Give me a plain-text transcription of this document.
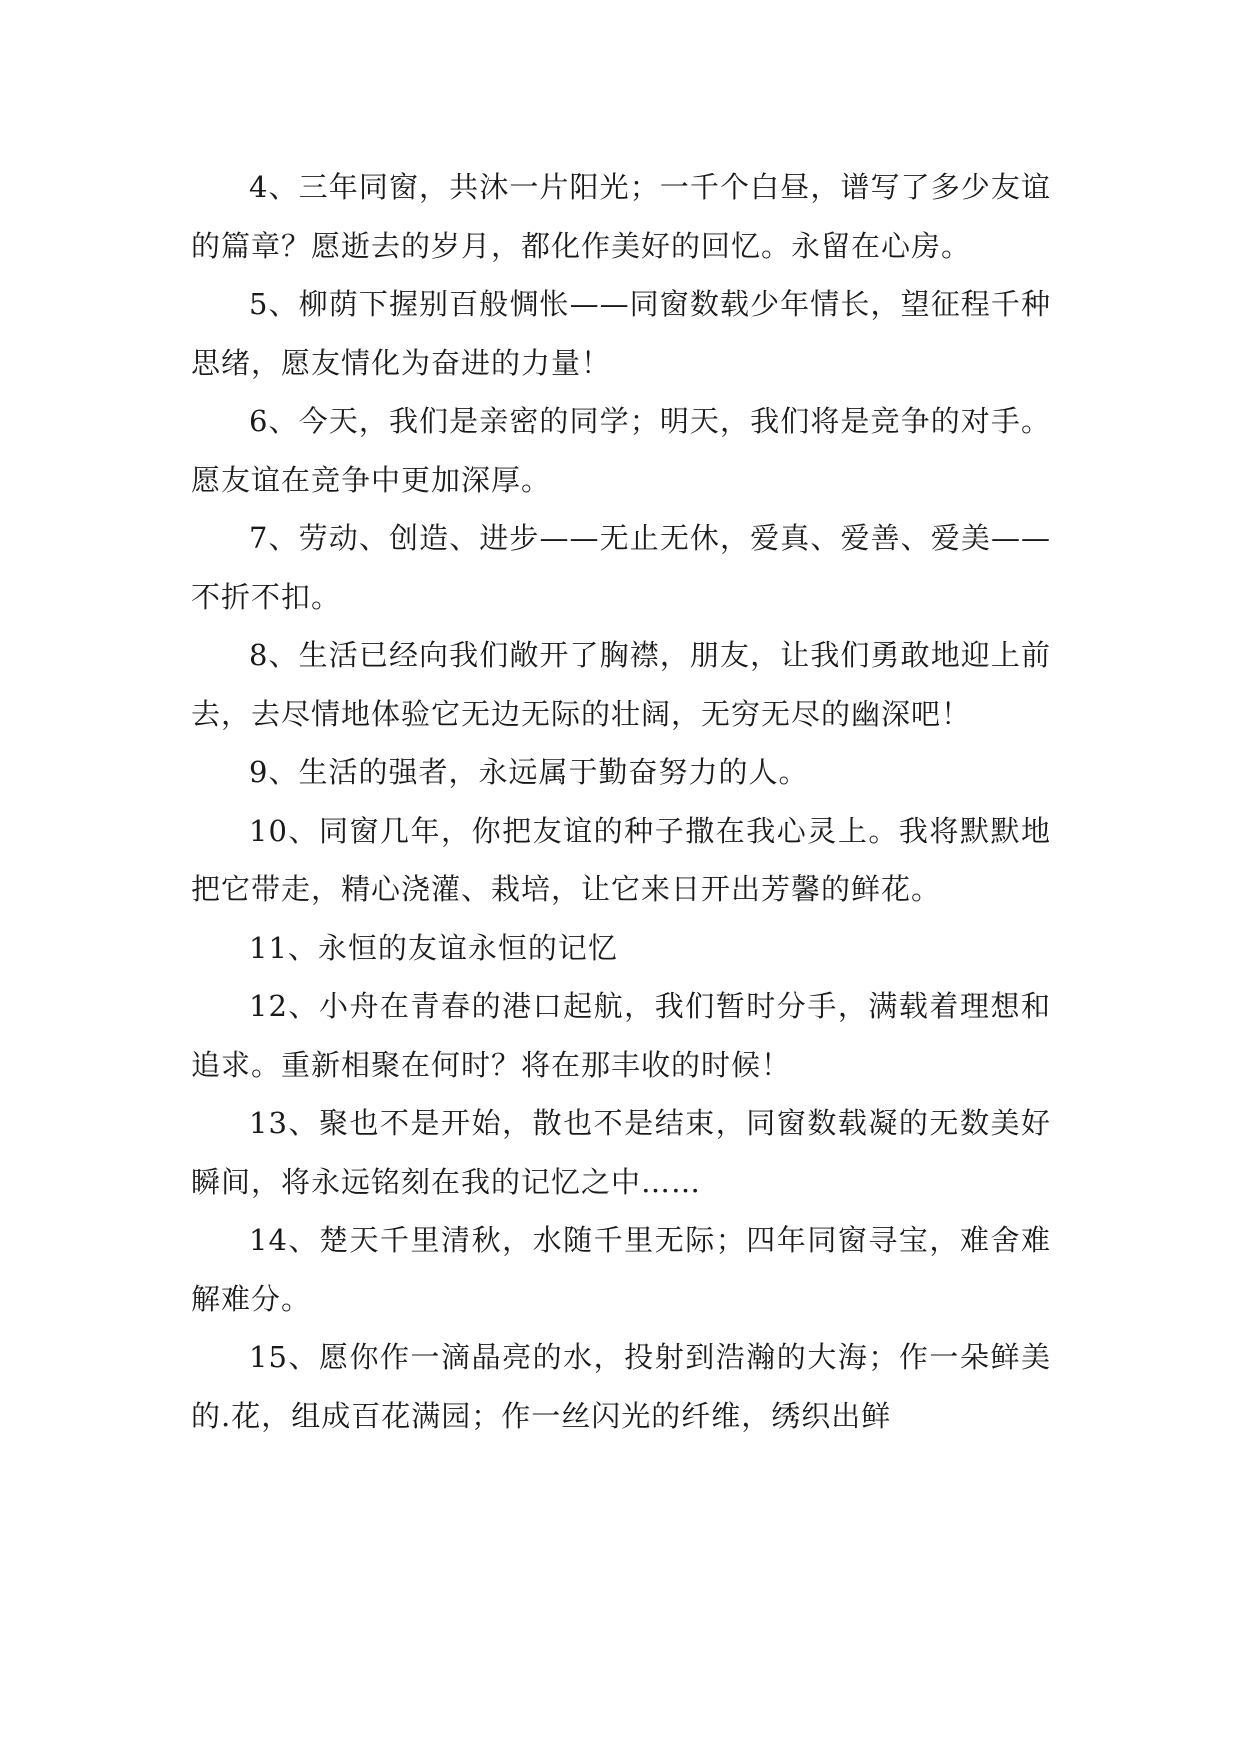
4、三年同窗，共沐一片阳光；一千个白昼，谱写了多少友谊的篇章？愿逝去的岁月，都化作美好的回忆。永留在心房。

5、柳荫下握别百般惆怅——同窗数载少年情长，望征程千种思绪，愿友情化为奋进的力量！

6、今天，我们是亲密的同学；明天，我们将是竞争的对手。愿友谊在竞争中更加深厚。

7、劳动、创造、进步——无止无休，爱真、爱善、爱美——不折不扣。

8、生活已经向我们敞开了胸襟，朋友，让我们勇敢地迎上前去，去尽情地体验它无边无际的壮阔，无穷无尽的幽深吧！

9、生活的强者，永远属于勤奋努力的人。

10、同窗几年，你把友谊的种子撒在我心灵上。我将默默地把它带走，精心浇灌、栽培，让它来日开出芳馨的鲜花。

11、永恒的友谊永恒的记忆

12、小舟在青春的港口起航，我们暂时分手，满载着理想和追求。重新相聚在何时？将在那丰收的时候！

13、聚也不是开始，散也不是结束，同窗数载凝的无数美好瞬间，将永远铭刻在我的记忆之中……

14、楚天千里清秋，水随千里无际；四年同窗寻宝，难舍难解难分。

15、愿你作一滴晶亮的水，投射到浩瀚的大海；作一朵鲜美的.花，组成百花满园；作一丝闪光的纤维，绣织出鲜
